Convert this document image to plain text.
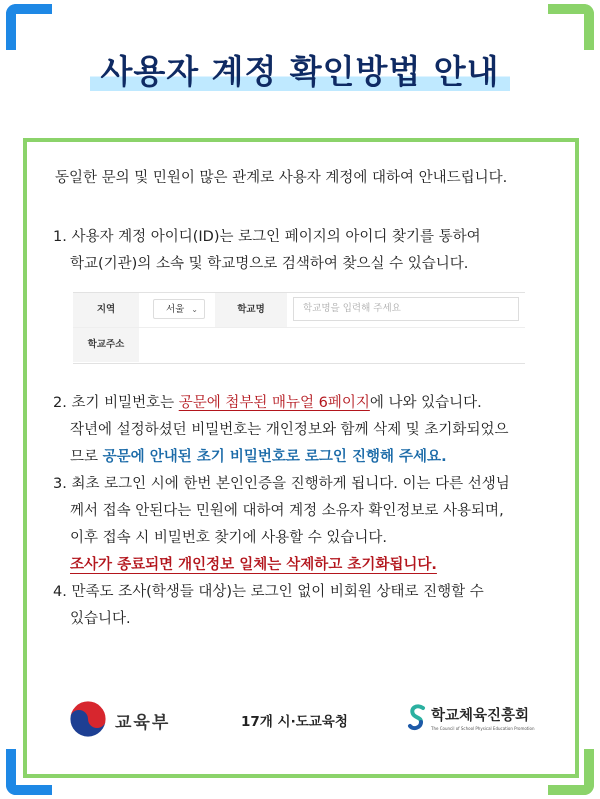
사용자 계정 확인방법 안내
동일한 문의 및 민원이 많은 관계로 사용자 계정에 대하여 안내드립니다.
1. 사용자 계정 아이디(ID)는 로그인 페이지의 아이디 찾기를 통하여
학교(기관)의 소속 및 학교명으로 검색하여 찾으실 수 있습니다.
지역	서울 ⌄	학교명	학교명을 입력해 주세요
학교주소
2. 초기 비밀번호는 공문에 첨부된 매뉴얼 6페이지에 나와 있습니다.
작년에 설정하셨던 비밀번호는 개인정보와 함께 삭제 및 초기화되었으
므로 공문에 안내된 초기 비밀번호로 로그인 진행해 주세요.
3. 최초 로그인 시에 한번 본인인증을 진행하게 됩니다. 이는 다른 선생님
께서 접속 안된다는 민원에 대하여 계정 소유자 확인정보로 사용되며,
이후 접속 시 비밀번호 찾기에 사용할 수 있습니다.
조사가 종료되면 개인정보 일체는 삭제하고 초기화됩니다.
4. 만족도 조사(학생들 대상)는 로그인 없이 비회원 상태로 진행할 수
있습니다.
교육부	17개 시·도교육청	학교체육진흥회
The Council of School Physical Education Promotion
